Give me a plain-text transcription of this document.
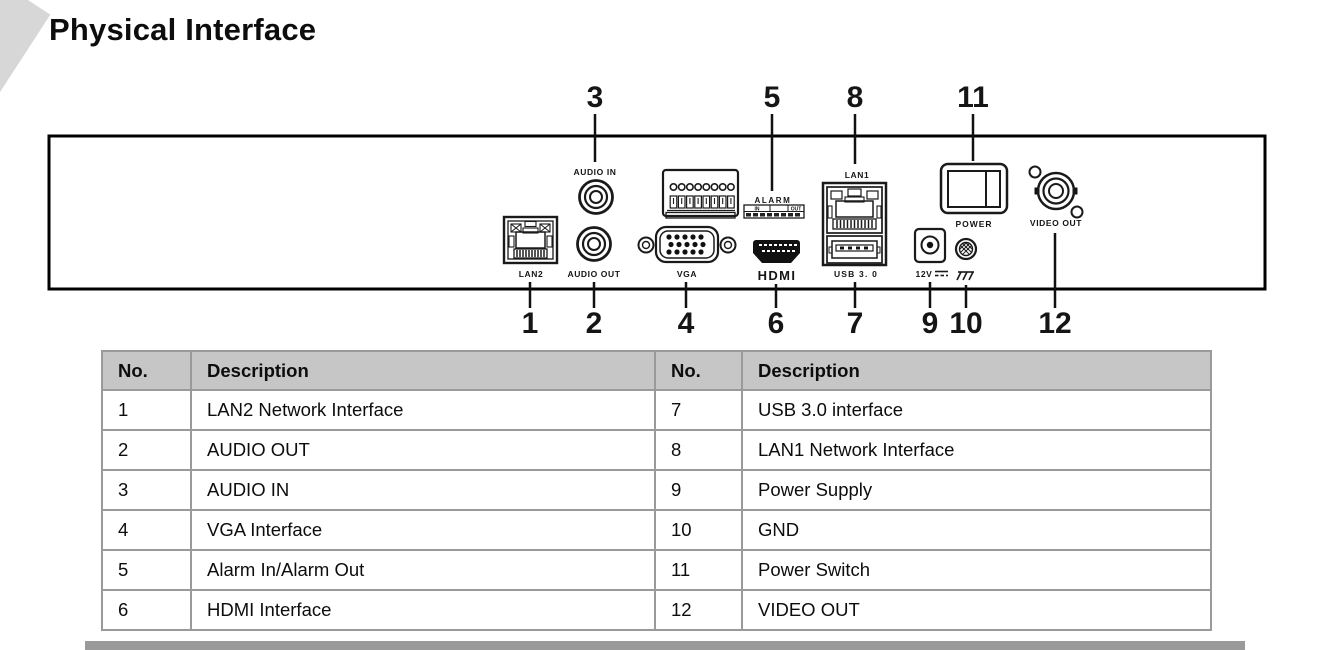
Physical Interface
3	5 8	11
1 2	4 6 7 9 10 12
LAN2
AUDIO IN
AUDIO OUT	VGA
ALARM
IN	OUT
HDMI
LAN1
USB 3. 0	12V
POWER	VIDEO OUT
No.	Description	No.	Description
1	LAN2 Network Interface	7	USB 3.0 interface
2	AUDIO OUT	8	LAN1 Network Interface
3	AUDIO IN	9	Power Supply
4	VGA Interface	10	GND
5	Alarm In/Alarm Out	11	Power Switch
6	HDMI Interface	12	VIDEO OUT
